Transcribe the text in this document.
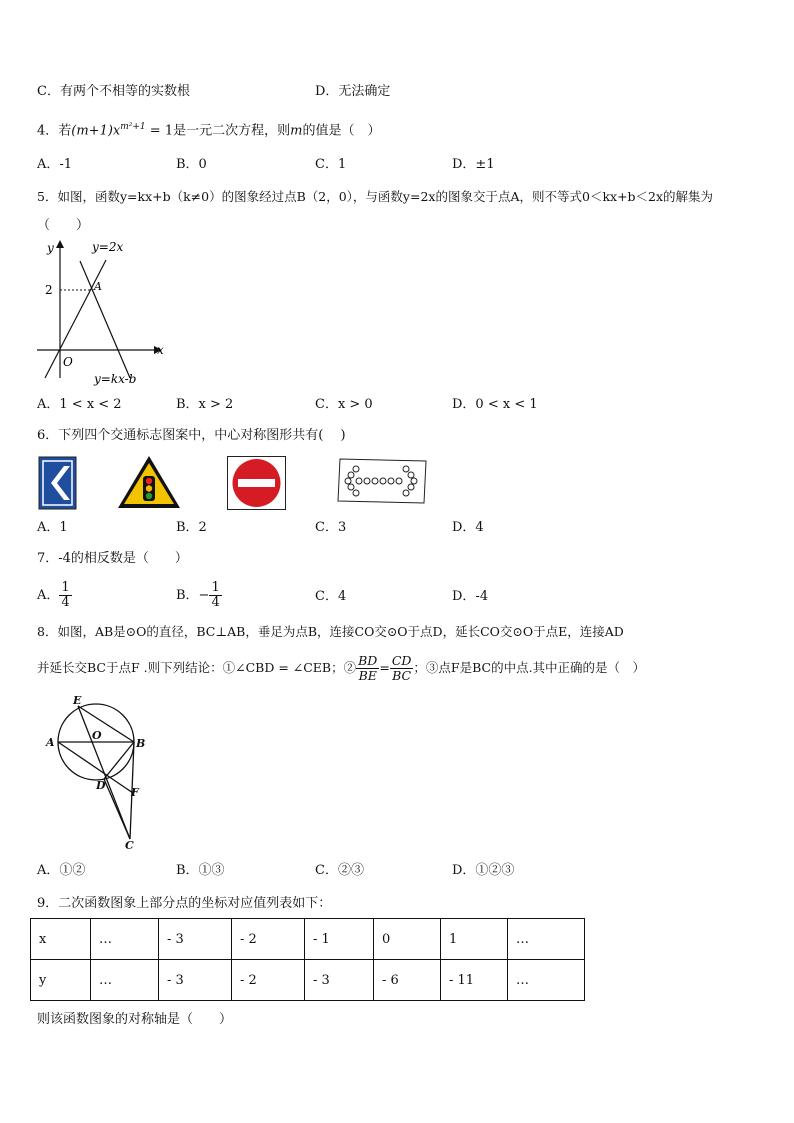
C．有两个不相等的实数根	D．无法确定
4．若$(m+1)x^{m^2+1} = 1$是一元二次方程，则m的值是（　）
A．-1	B．0	C．1	D．±1
5．如图，函数y=kx+b（k≠0）的图象经过点B（2，0），与函数y=2x的图象交于点A，则不等式0＜kx+b＜2x的解集为
（　　）
y
x
y=2x
y=kx-b
A
O
2
A．1 < x < 2	B．x > 2	C．x > 0	D．0 < x < 1
6．下列四个交通标志图案中，中心对称图形共有(　 )
A．1	B．2	C．3	D．4
7．-4的相反数是（　　）
A． $\frac{1}{4}$	B．− $\frac{1}{4}$	C．4	D．-4
8．如图，AB是⊙O的直径，BC⊥AB，垂足为点B，连接CO交⊙O于点D，延长CO交⊙O于点E，连接AD
并延长交BC于点F .则下列结论：①∠CBD = ∠CEB；② $\frac{BD}{BE} = \frac{CD}{BC}$ ；③点F是BC的中点.其中正确的是（　）
E
A
O
B
D
F
C
A．①②	B．①③	C．②③	D．①②③
9．二次函数图象上部分点的坐标对应值列表如下：
x	…	- 3	- 2	- 1	0	1	…
y	…	- 3	- 2	- 3	- 6	- 11	…
则该函数图象的对称轴是（　　）
